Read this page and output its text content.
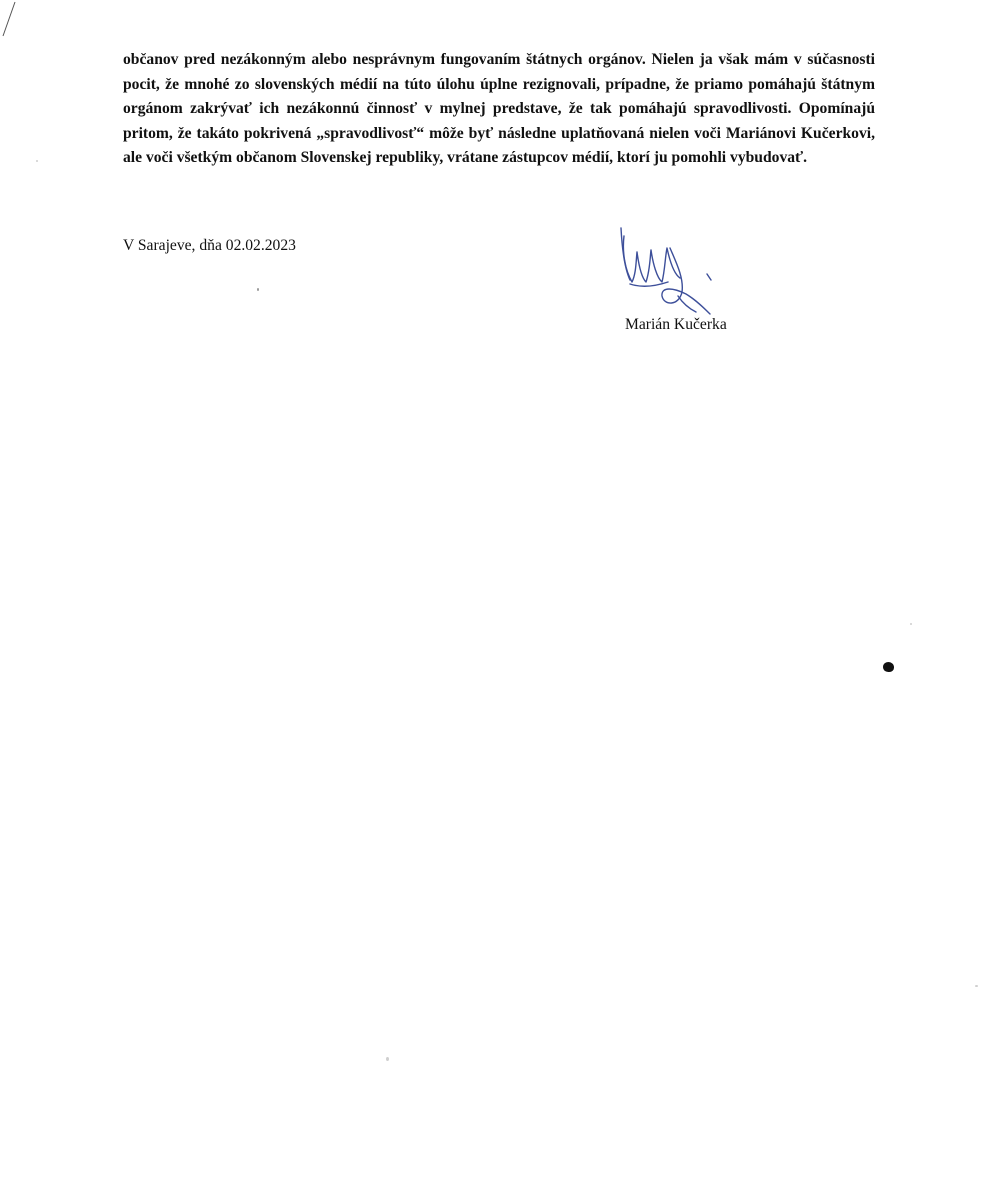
občanov pred nezákonným alebo nesprávnym fungovaním štátnych orgánov. Nielen ja však mám v súčasnosti pocit, že mnohé zo slovenských médií na túto úlohu úplne rezignovali, prípadne, že priamo pomáhajú štátnym orgánom zakrývať ich nezákonnú činnosť v mylnej predstave, že tak pomáhajú spravodlivosti. Opomínajú pritom, že takáto pokrivená „spravodlivosť“ môže byť následne uplatňovaná nielen voči Mariánovi Kučerkovi, ale voči všetkým občanom Slovenskej republiky, vrátane zástupcov médií, ktorí ju pomohli vybudovať.

V Sarajeve, dňa 02.02.2023
Marián Kučerka
